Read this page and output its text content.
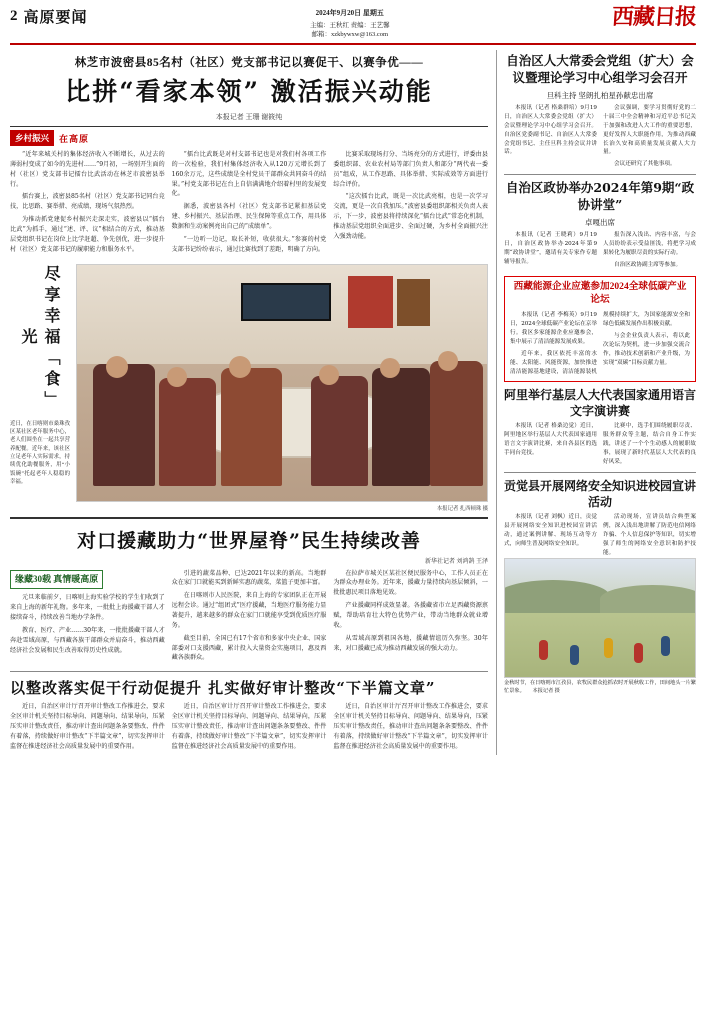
2 高原要闻	2024年9月20日 星期五
主编：王秋红 责编：王艺馨
邮箱：xzkbywxw@163.com
西藏日报
林芝市波密县85名村（社区）党支部书记以赛促干、以赛争优——
比拼“看家本领” 激活振兴动能
本报记者 王珊 谢筱纯
乡村振兴	在高原

“近年来城关村的集体经济收入不断增长，从过去的薄弱村变成了如今的先进村……”9月初，一场别开生面的村（社区）党支部书记擂台比武活动在林芝市波密县举行。

擂台赛上，波密县85名村（社区）党支部书记同台竞技，比思路、赛举措、亮成绩，现场气氛热烈。

为推动抓党建促乡村振兴走深走实，波密县以“擂台比武”为抓手，通过“述、评、议”相结合的方式，推动基层党组织书记在岗位上比学赶超、争先创优，进一步提升村（社区）党支部书记的履职能力和服务水平。

“擂台比武既是对村支部书记也是对我们村各项工作的一次检验，我们村集体经济收入从120万元增长到了160余万元，这些成绩是全村党员干部群众共同奋斗的结果。”村党支部书记在台上自信满满地介绍着村里的发展变化。

据悉，波密县各村（社区）党支部书记紧扣基层党建、乡村振兴、基层治理、民生保障等重点工作，用具体数据和生动案例亮出自己的“成绩单”。

“一边听一边记，取长补短，收获很大。”参赛的村党支部书记纷纷表示，通过比赛找到了差距，明确了方向。

比赛采取现场打分、当场亮分的方式进行，评委由县委组织部、农业农村局等部门负责人和部分“两代表一委员”组成，从工作思路、具体举措、实际成效等方面进行综合评价。

“这次擂台比武，既是一次比武亮相，也是一次学习交流，更是一次自我加压。”波密县委组织部相关负责人表示，下一步，波密县将持续深化“擂台比武”常态化机制，推动基层党组织全面进步、全面过硬，为乡村全面振兴注入强劲动能。

尽享幸福「食」光
近日，在日喀则市桑珠孜区某社区老年服务中心，老人们围坐在一起共享营养配餐。近年来，该社区立足老年人实际需求，持续优化助餐服务，用“小饭碗”托起老年人稳稳的幸福。
本报记者 扎西顿珠 摄
对口援藏助力“世界屋脊”民生持续改善
新华社记者 刘鸿鹄 王泽
缘藏30载 真情暖高原

元旦来临前夕，日喀则上海实验学校的学生们收到了来自上海的新年礼物。多年来，一批批上海援藏干部人才接续奋斗，持续改善当地办学条件。

教育、医疗、产业……30年来，一批批援藏干部人才奔赴雪域高原，与西藏各族干部群众并肩奋斗，推动西藏经济社会发展和民生改善取得历史性成就。

引进的蔬菜品种、已达2021年以来的新高。当地群众在家门口就能买到新鲜实惠的蔬菜，菜篮子更加丰富。

在日喀则市人民医院，来自上海的专家团队正在开展远程会诊。通过“组团式”医疗援藏，当地医疗服务能力显著提升，越来越多的群众在家门口就能享受到优质医疗服务。

截至目前，全国已有17个省市和多家中央企业、国家部委对口支援西藏，累计投入大量资金实施项目，惠及西藏各族群众。

在拉萨市城关区某社区便民服务中心，工作人员正在为群众办理业务。近年来，援藏力量持续向基层倾斜，一批批惠民项目落地见效。

产业援藏同样成效显著。各援藏省市立足西藏资源禀赋，帮助培育壮大特色优势产业，带动当地群众就业增收。

从雪域高原到祖国各地，援藏情谊历久弥坚。30年来，对口援藏已成为推动西藏发展的强大动力。

以整改落实促干行动促提升 扎实做好审计整改“下半篇文章”

近日，自治区审计厅召开审计整改工作推进会，要求全区审计机关坚持目标导向、问题导向、结果导向，压紧压实审计整改责任，推动审计查出问题条条要整改、件件有着落，持续做好审计整改“下半篇文章”，切实发挥审计监督在推进经济社会高质量发展中的重要作用。

近日，自治区审计厅召开审计整改工作推进会，要求全区审计机关坚持目标导向、问题导向、结果导向，压紧压实审计整改责任，推动审计查出问题条条要整改、件件有着落，持续做好审计整改“下半篇文章”，切实发挥审计监督在推进经济社会高质量发展中的重要作用。

近日，自治区审计厅召开审计整改工作推进会，要求全区审计机关坚持目标导向、问题导向、结果导向，压紧压实审计整改责任，推动审计查出问题条条要整改、件件有着落，持续做好审计整改“下半篇文章”，切实发挥审计监督在推进经济社会高质量发展中的重要作用。

自治区人大常委会党组（扩大）会议暨理论学习中心组学习会召开
旦科主持 坚朗扎柏星孙献忠出席

本报讯（记者 格桑群培）9月19日，自治区人大常委会党组（扩大）会议暨理论学习中心组学习会召开。自治区党委副书记、自治区人大常委会党组书记、主任旦科主持会议并讲话。

会议强调，要学习贯彻好党的二十届三中全会精神和习近平总书记关于加强和改进人大工作的重要思想，更好发挥人大职能作用，为推动西藏长治久安和高质量发展贡献人大力量。

会议还研究了其他事项。

自治区政协举办2024年第9期“政协讲堂”
卓嘎出席

本报讯（记者 王晓莉）9月19日，自治区政协举办2024年第9期“政协讲堂”，邀请有关专家作专题辅导报告。

报告深入浅出、内容丰富，与会人员纷纷表示受益匪浅，将把学习成果转化为履职尽责的实际行动。

自治区政协副主席等参加。

西藏能源企业应邀参加2024全球低碳产业论坛

本报讯（记者 李梅英）9月19日，2024全球低碳产业论坛在京举行。我区多家能源企业应邀参会，集中展示了清洁能源发展成果。

近年来，我区依托丰富的水能、太阳能、风能资源，加快推进清洁能源基地建设，清洁能源装机规模持续扩大，为国家能源安全和绿色低碳发展作出积极贡献。

与会企业负责人表示，将以此次论坛为契机，进一步加强交流合作，推动技术创新和产业升级，为实现“双碳”目标贡献力量。

阿里举行基层人大代表国家通用语言文字演讲赛

本报讯（记者 格桑边觉）近日，阿里地区举行基层人大代表国家通用语言文字演讲比赛，来自各县区的选手同台竞技。

比赛中，选手们围绕履职尽责、服务群众等主题，结合自身工作实践，讲述了一个个生动感人的履职故事，展现了新时代基层人大代表的良好风采。

贡觉县开展网络安全知识进校园宣讲活动

本报讯（记者 刘枫）近日，贡觉县开展网络安全知识进校园宣讲活动，通过案例讲解、现场互动等方式，向师生普及网络安全知识。

活动现场，宣讲员结合典型案例，深入浅出地讲解了防范电信网络诈骗、个人信息保护等知识，切实增强了师生的网络安全意识和防护技能。

金秋时节，在日喀则市江孜县，农牧民群众抢抓农时开展秋收工作，田间地头一片繁忙景象。　　本报记者 摄
